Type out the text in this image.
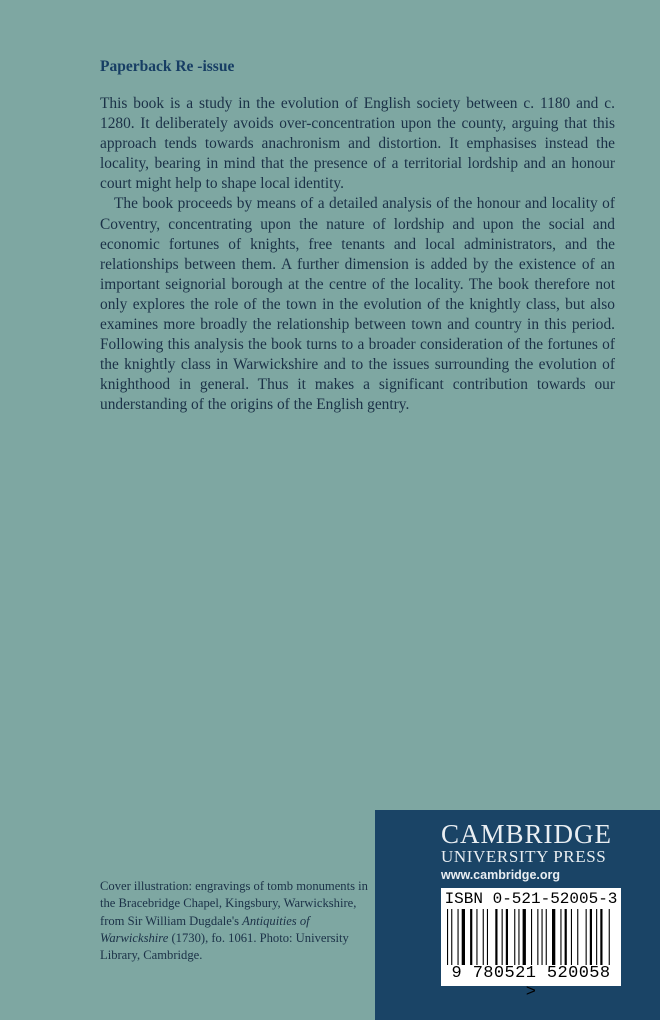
Paperback Re -issue

This book is a study in the evolution of English society between c. 1180 and c. 1280. It deliberately avoids over-concentration upon the county, arguing that this approach tends towards anachronism and distortion. It emphasises instead the locality, bearing in mind that the presence of a territorial lordship and an honour court might help to shape local identity.

The book proceeds by means of a detailed analysis of the honour and locality of Coventry, concentrating upon the nature of lordship and upon the social and economic fortunes of knights, free tenants and local administrators, and the relationships between them. A further dimension is added by the existence of an important seignorial borough at the centre of the locality. The book therefore not only explores the role of the town in the evolution of the knightly class, but also examines more broadly the relationship between town and country in this period. Following this analysis the book turns to a broader consideration of the fortunes of the knightly class in Warwickshire and to the issues surrounding the evolution of knighthood in general. Thus it makes a significant contribution towards our understanding of the origins of the English gentry.

Cover illustration: engravings of tomb monuments in the Bracebridge Chapel, Kingsbury, Warwickshire, from Sir William Dugdale's Antiquities of Warwickshire (1730), fo. 1061. Photo: University Library, Cambridge.
CAMBRIDGE
UNIVERSITY PRESS
www.cambridge.org
ISBN 0-521-52005-3
9 780521 520058 >
